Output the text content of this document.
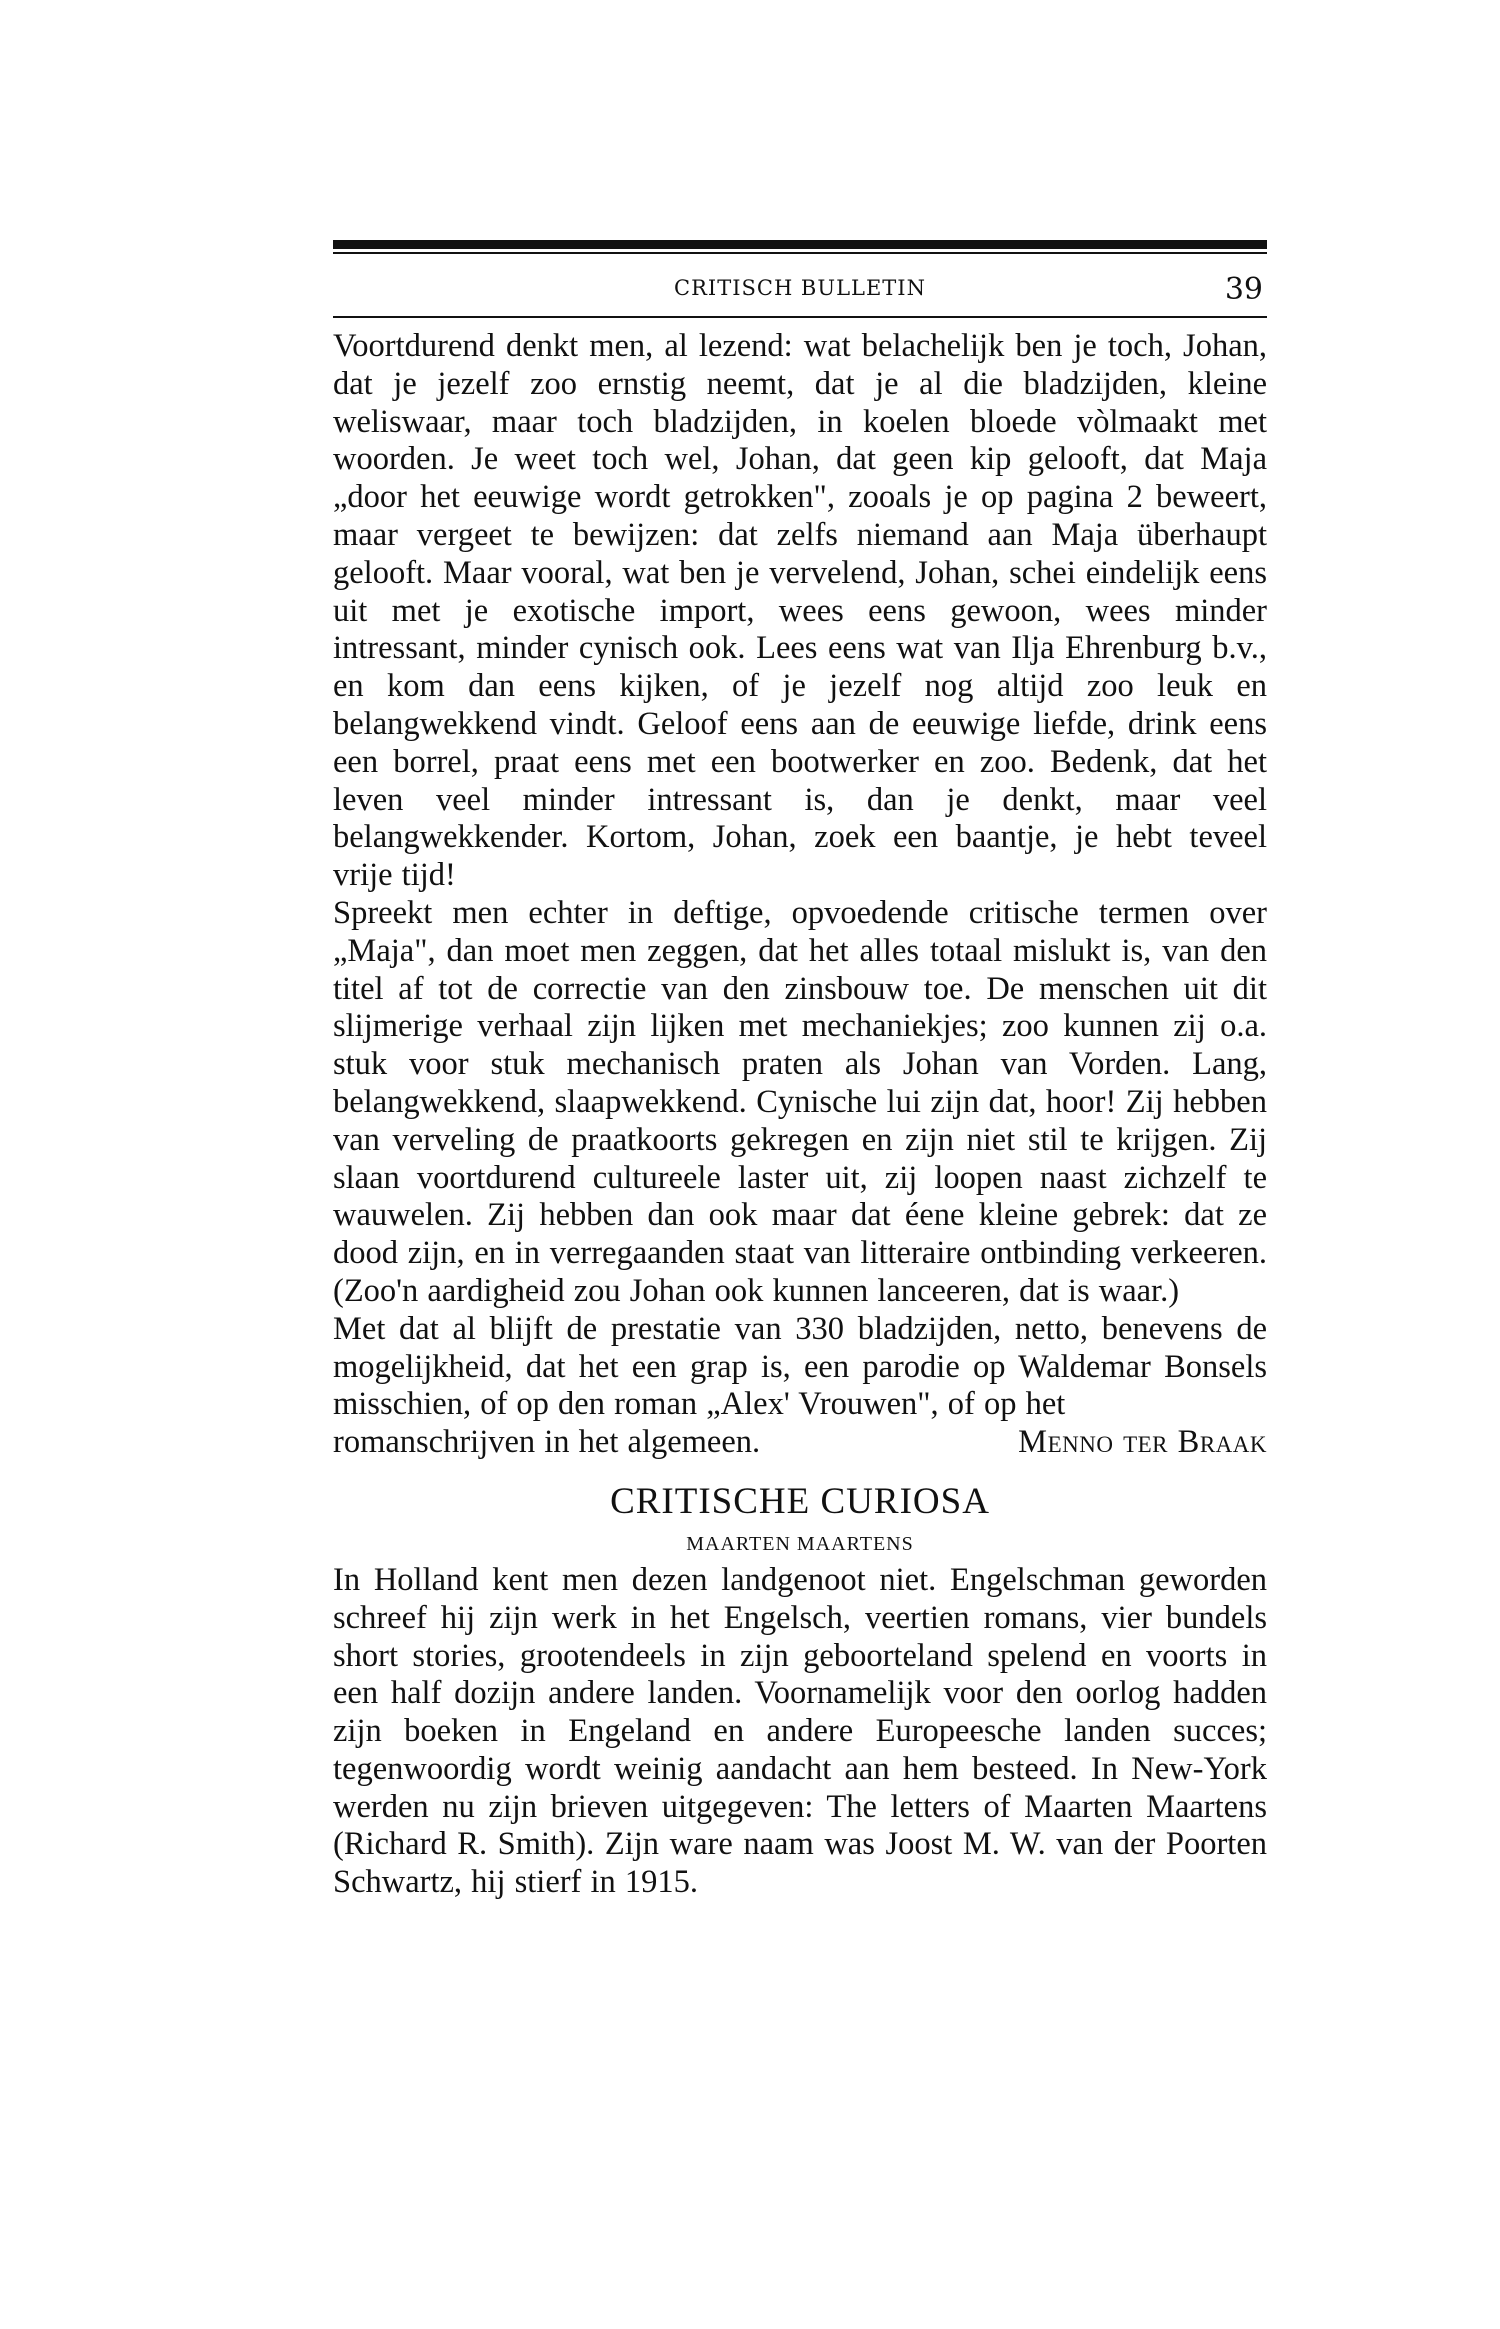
CRITISCH BULLETIN	39

Voortdurend denkt men, al lezend: wat belachelijk ben je toch, Johan, dat je jezelf zoo ernstig neemt, dat je al die bladzijden, kleine weliswaar, maar toch bladzijden, in koelen bloede vòlmaakt met woorden. Je weet toch wel, Johan, dat geen kip gelooft, dat Maja „door het eeuwige wordt getrokken", zooals je op pagina 2 beweert, maar vergeet te bewijzen: dat zelfs niemand aan Maja überhaupt gelooft. Maar vooral, wat ben je vervelend, Johan, schei eindelijk eens uit met je exotische import, wees eens gewoon, wees minder intressant, minder cynisch ook. Lees eens wat van Ilja Ehrenburg b.v., en kom dan eens kijken, of je jezelf nog altijd zoo leuk en belangwekkend vindt. Geloof eens aan de eeuwige liefde, drink eens een borrel, praat eens met een bootwerker en zoo. Bedenk, dat het leven veel minder intressant is, dan je denkt, maar veel belangwekkender. Kortom, Johan, zoek een baantje, je hebt teveel vrije tijd!

Spreekt men echter in deftige, opvoedende critische termen over „Maja", dan moet men zeggen, dat het alles totaal mislukt is, van den titel af tot de correctie van den zinsbouw toe. De menschen uit dit slijmerige verhaal zijn lijken met mechaniekjes; zoo kunnen zij o.a. stuk voor stuk mechanisch praten als Johan van Vorden. Lang, belangwekkend, slaapwekkend. Cynische lui zijn dat, hoor! Zij hebben van verveling de praatkoorts gekregen en zijn niet stil te krijgen. Zij slaan voortdurend cultureele laster uit, zij loopen naast zichzelf te wauwelen. Zij hebben dan ook maar dat éene kleine gebrek: dat ze dood zijn, en in verregaanden staat van litteraire ontbinding verkeeren. (Zoo'n aardigheid zou Johan ook kunnen lanceeren, dat is waar.)

Met dat al blijft de prestatie van 330 bladzijden, netto, benevens de mogelijkheid, dat het een grap is, een parodie op Waldemar Bonsels misschien, of op den roman „Alex' Vrouwen", of op het

romanschrijven in het algemeen.	Menno ter Braak
CRITISCHE CURIOSA
MAARTEN MAARTENS

In Holland kent men dezen landgenoot niet. Engelschman geworden schreef hij zijn werk in het Engelsch, veertien romans, vier bundels short stories, grootendeels in zijn geboorteland spelend en voorts in een half dozijn andere landen. Voornamelijk voor den oorlog hadden zijn boeken in Engeland en andere Europeesche landen succes; tegenwoordig wordt weinig aandacht aan hem besteed. In New-York werden nu zijn brieven uitgegeven: The letters of Maarten Maartens (Richard R. Smith). Zijn ware naam was Joost M. W. van der Poorten Schwartz, hij stierf in 1915.
